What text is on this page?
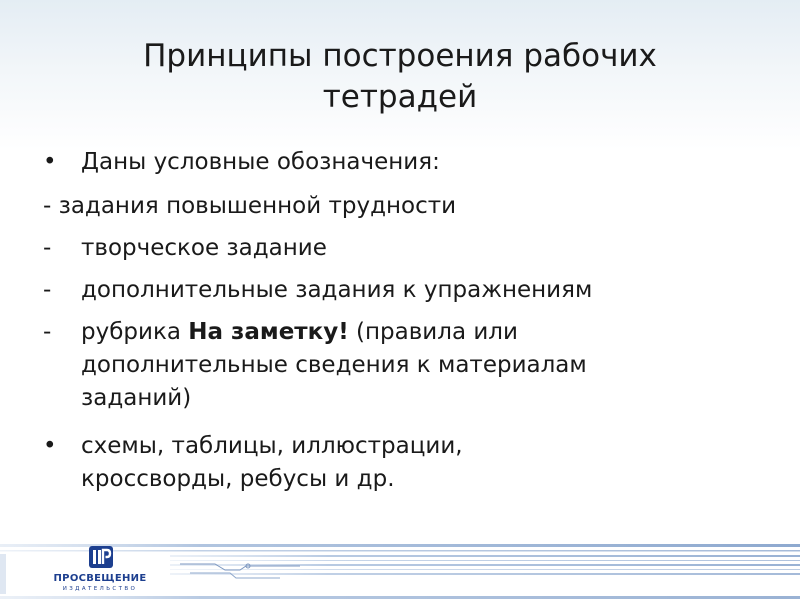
Принципы построения рабочих
тетрадей
•	Даны условные обозначения:
- задания повышенной трудности
-	творческое задание
-	дополнительные задания к упражнениям
-	рубрика На заметку! (правила или
дополнительные сведения к материалам
заданий)
•	схемы, таблицы, иллюстрации,
кроссворды, ребусы и др.
ПРОСВЕЩЕНИЕ
ИЗДАТЕЛЬСТВО
